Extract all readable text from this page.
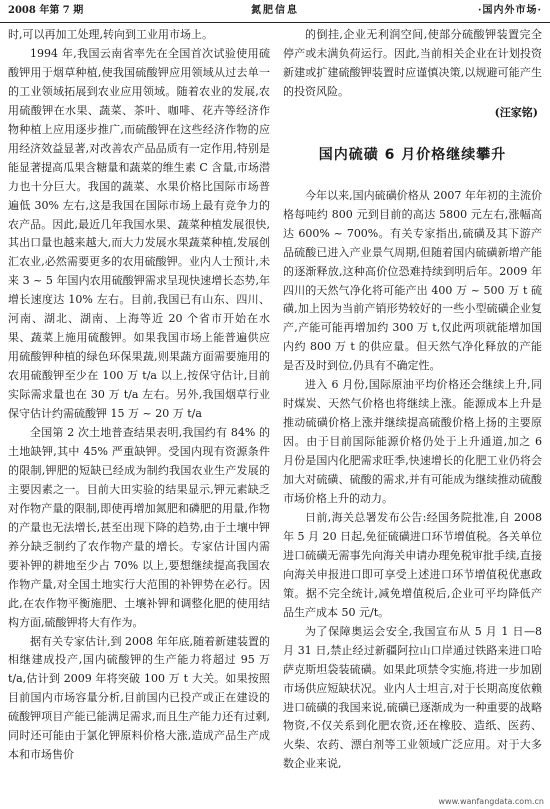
2008 年第 7 期	氮肥信息	·国内外市场·

时,可以再加工处理,转向到工业用市场上。

1994 年,我国云南省率先在全国首次试验使用硫酸钾用于烟草种植,使我国硫酸钾应用领域从过去单一的工业领域拓展到农业应用领域。随着农业的发展,农用硫酸钾在水果、蔬菜、茶叶、咖啡、花卉等经济作物种植上应用逐步推广,而硫酸钾在这些经济作物的应用经济效益显著,对改善农产品品质有一定作用,特别是能显著提高瓜果含糖量和蔬菜的维生素 C 含量,市场潜力也十分巨大。我国的蔬菜、水果价格比国际市场普遍低 30% 左右,这是我国在国际市场上最有竞争力的农产品。因此,最近几年我国水果、蔬菜种植发展很快,其出口量也越来越大,而大力发展水果蔬菜种植,发展创汇农业,必然需要更多的农用硫酸钾。业内人士预计,未来 3 ~ 5 年国内农用硫酸钾需求呈现快速增长态势,年增长速度达 10% 左右。目前,我国已有山东、四川、河南、湖北、湖南、上海等近 20 个省市开始在水果、蔬菜上施用硫酸钾。如果我国市场上能普遍供应用硫酸钾种植的绿色环保果蔬,则果蔬方面需要施用的农用硫酸钾至少在 100 万 t/a 以上,按保守估计,目前实际需求量也在 30 万 t/a 左右。另外,我国烟草行业保守估计约需硫酸钾 15 万 ~ 20 万 t/a

全国第 2 次土地普查结果表明,我国约有 84% 的土地缺钾,其中 45% 严重缺钾。受国内现有资源条件的限制,钾肥的短缺已经成为制约我国农业生产发展的主要因素之一。目前大田实验的结果显示,钾元素缺乏对作物产量的限制,即使再增加氮肥和磷肥的用量,作物的产量也无法增长,甚至出现下降的趋势,由于土壤中钾养分缺乏制约了农作物产量的增长。专家估计国内需要补钾的耕地至少占 70% 以上,要想继续提高我国农作物产量,对全国土地实行大范围的补钾势在必行。因此,在农作物平衡施肥、土壤补钾和调整化肥的使用结构方面,硫酸钾将大有作为。

据有关专家估计,到 2008 年年底,随着新建装置的相继建成投产,国内硫酸钾的生产能力将超过 95 万 t/a,估计到 2009 年将突破 100 万 t 大关。如果按照目前国内市场容量分析,目前国内已投产或正在建设的硫酸钾项目产能已能满足需求,而且生产能力还有过剩,同时还可能由于氯化钾原料价格大涨,造成产品生产成本和市场售价

的倒挂,企业无利润空间,使部分硫酸钾装置完全停产或未满负荷运行。因此,当前相关企业在计划投资新建或扩建硫酸钾装置时应谨慎决策,以规避可能产生的投资风险。

(汪家铭)
国内硫磺 6 月价格继续攀升

今年以来,国内硫磺价格从 2007 年年初的主流价格每吨约 800 元到目前的高达 5800 元左右,涨幅高达 600% ~ 700%。有关专家指出,硫磺及其下游产品硫酸已进入产业景气周期,但随着国内硫磺新增产能的逐渐释放,这种高价位恐难持续到明后年。2009 年四川的天然气净化将可能产出 400 万 ~ 500 万 t 硫磺,加上因为当前产销形势较好的一些小型硫磺企业复产,产能可能再增加约 300 万 t,仅此两项就能增加国内约 800 万 t 的供应量。但天然气净化释放的产能是否及时到位,仍具有不确定性。

进入 6 月份,国际原油平均价格还会继续上升,同时煤炭、天然气价格也将继续上涨。能源成本上升是推动硫磺价格上涨并继续提高硫酸价格上扬的主要原因。由于目前国际能源价格仍处于上升通道,加之 6 月份是国内化肥需求旺季,快速增长的化肥工业仍将会加大对硫磺、硫酸的需求,并有可能成为继续推动硫酸市场价格上升的动力。

日前,海关总署发布公告:经国务院批准,自 2008 年 5 月 20 日起,免征硫磺进口环节增值税。各关单位进口硫磺无需事先向海关申请办理免税审批手续,直接向海关申报进口即可享受上述进口环节增值税优惠政策。据不完全统计,减免增值税后,企业可平均降低产品生产成本 50 元/t。

为了保障奥运会安全,我国宣布从 5 月 1 日—8 月 31 日,禁止经过新疆阿拉山口岸通过铁路来进口哈萨克斯坦袋装硫磺。如果此项禁令实施,将进一步加剧市场供应短缺状况。业内人士坦言,对于长期高度依赖进口硫磺的我国来说,硫磺已逐渐成为一种重要的战略物资,不仅关系到化肥农资,还在橡胶、造纸、医药、火柴、农药、漂白剂等工业领域广泛应用。对于大多数企业来说,

www.wanfangdata.com.cn
